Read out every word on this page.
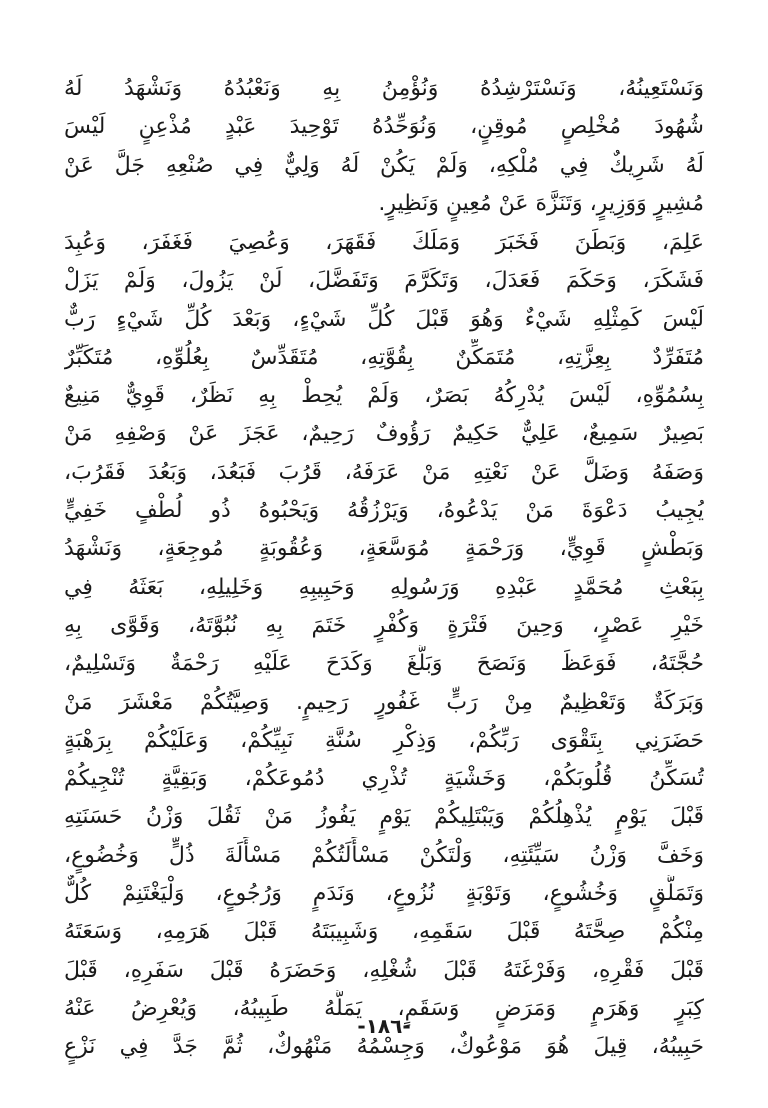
وَنَسْتَعِينُهُ، وَنَسْتَرْشِدُهُ وَنُؤْمِنُ بِهِ وَنَعْبُدُهُ وَنَشْهَدُ لَهُ
شُهُودَ مُخْلِصٍ مُوقِنٍ، وَنُوَحِّدُهُ تَوْحِيدَ عَبْدٍ مُذْعِنٍ لَيْسَ
لَهُ شَرِيكٌ فِي مُلْكِهِ، وَلَمْ يَكُنْ لَهُ وَلِيٌّ فِي صُنْعِهِ جَلَّ عَنْ
مُشِيرٍ وَوَزِيرٍ، وَتَنَزَّهَ عَنْ مُعِينٍ وَنَظِيرٍ.
عَلِمَ، وَبَطَنَ فَخَبَرَ وَمَلَكَ فَقَهَرَ، وَعُصِيَ فَغَفَرَ، وَعُبِدَ
فَشَكَرَ، وَحَكَمَ فَعَدَلَ، وَتَكَرَّمَ وَتَفَضَّلَ، لَنْ يَزُولَ، وَلَمْ يَزَلْ
لَيْسَ كَمِثْلِهِ شَيْءٌ وَهُوَ قَبْلَ كُلِّ شَيْءٍ، وَبَعْدَ كُلِّ شَيْءٍ رَبٌّ
مُتَفَرِّدٌ بِعِزَّتِهِ، مُتَمَكِّنٌ بِقُوَّتِهِ، مُتَقَدِّسٌ بِعُلُوِّهِ، مُتَكَبِّرٌ
بِسُمُوِّهِ، لَيْسَ يُدْرِكُهُ بَصَرٌ، وَلَمْ يُحِطْ بِهِ نَظَرٌ، قَوِيٌّ مَنِيعٌ
بَصِيرٌ سَمِيعٌ، عَلِيٌّ حَكِيمٌ رَؤُوفٌ رَحِيمٌ، عَجَزَ عَنْ وَصْفِهِ مَنْ
وَصَفَهُ وَضَلَّ عَنْ نَعْتِهِ مَنْ عَرَفَهُ، قَرُبَ فَبَعُدَ، وَبَعُدَ فَقَرُبَ،
يُجِيبُ دَعْوَةَ مَنْ يَدْعُوهُ، وَيَرْزُقُهُ وَيَحْبُوهُ ذُو لُطْفٍ خَفِيٍّ
وَبَطْشٍ قَوِيٍّ، وَرَحْمَةٍ مُوَسَّعَةٍ، وَعُقُوبَةٍ مُوجِعَةٍ، وَنَشْهَدُ
بِبَعْثِ مُحَمَّدٍ عَبْدِهِ وَرَسُولِهِ وَحَبِيبِهِ وَخَلِيلِهِ، بَعَثَهُ فِي
خَيْرِ عَصْرٍ، وَحِينَ فَتْرَةٍ وَكُفْرٍ خَتَمَ بِهِ نُبُوَّتَهُ، وَقَوَّى بِهِ
حُجَّتَهُ، فَوَعَظَ وَنَصَحَ وَبَلَّغَ وَكَدَحَ عَلَيْهِ رَحْمَةٌ وَتَسْلِيمٌ،
وَبَرَكَةٌ وَتَعْظِيمٌ مِنْ رَبٍّ غَفُورٍ رَحِيمٍ. وَصِيَّتُكُمْ مَعْشَرَ مَنْ
حَضَرَنِي بِتَقْوَى رَبِّكُمْ، وَذِكْرِ سُنَّةِ نَبِيِّكُمْ، وَعَلَيْكُمْ بِرَهْبَةٍ
تُسَكِّنُ قُلُوبَكُمْ، وَخَشْيَةٍ تُذْرِي دُمُوعَكُمْ، وَبَقِيَّةٍ تُنْجِيكُمْ
قَبْلَ يَوْمٍ يُذْهِلُكُمْ وَيَبْتَلِيكُمْ يَوْمٍ يَفُوزُ مَنْ ثَقُلَ وَزْنُ حَسَنَتِهِ
وَخَفَّ وَزْنُ سَيِّئَتِهِ، وَلْتَكُنْ مَسْأَلَتُكُمْ مَسْأَلَةَ ذُلٍّ وَخُضُوعٍ،
وَتَمَلُّقٍ وَخُشُوعٍ، وَتَوْبَةٍ نُزُوعٍ، وَنَدَمٍ وَرُجُوعٍ، وَلْيَغْتَنِمْ كُلٌّ
مِنْكُمْ صِحَّتَهُ قَبْلَ سَقَمِهِ، وَشَبِيبَتَهُ قَبْلَ هَرَمِهِ، وَسَعَتَهُ
قَبْلَ فَقْرِهِ، وَفَرْغَتَهُ قَبْلَ شُغْلِهِ، وَحَضَرَهُ قَبْلَ سَفَرِهِ، قَبْلَ
كِبَرٍ وَهَرَمٍ وَمَرَضٍ وَسَقَمٍ، يَمَلُّهُ طَبِيبُهُ، وَيُعْرِضُ عَنْهُ
حَبِيبُهُ، قِيلَ هُوَ مَوْعُوكٌ، وَجِسْمُهُ مَنْهُوكٌ، ثُمَّ جَدَّ فِي نَزْعٍ
-١٨٦-
